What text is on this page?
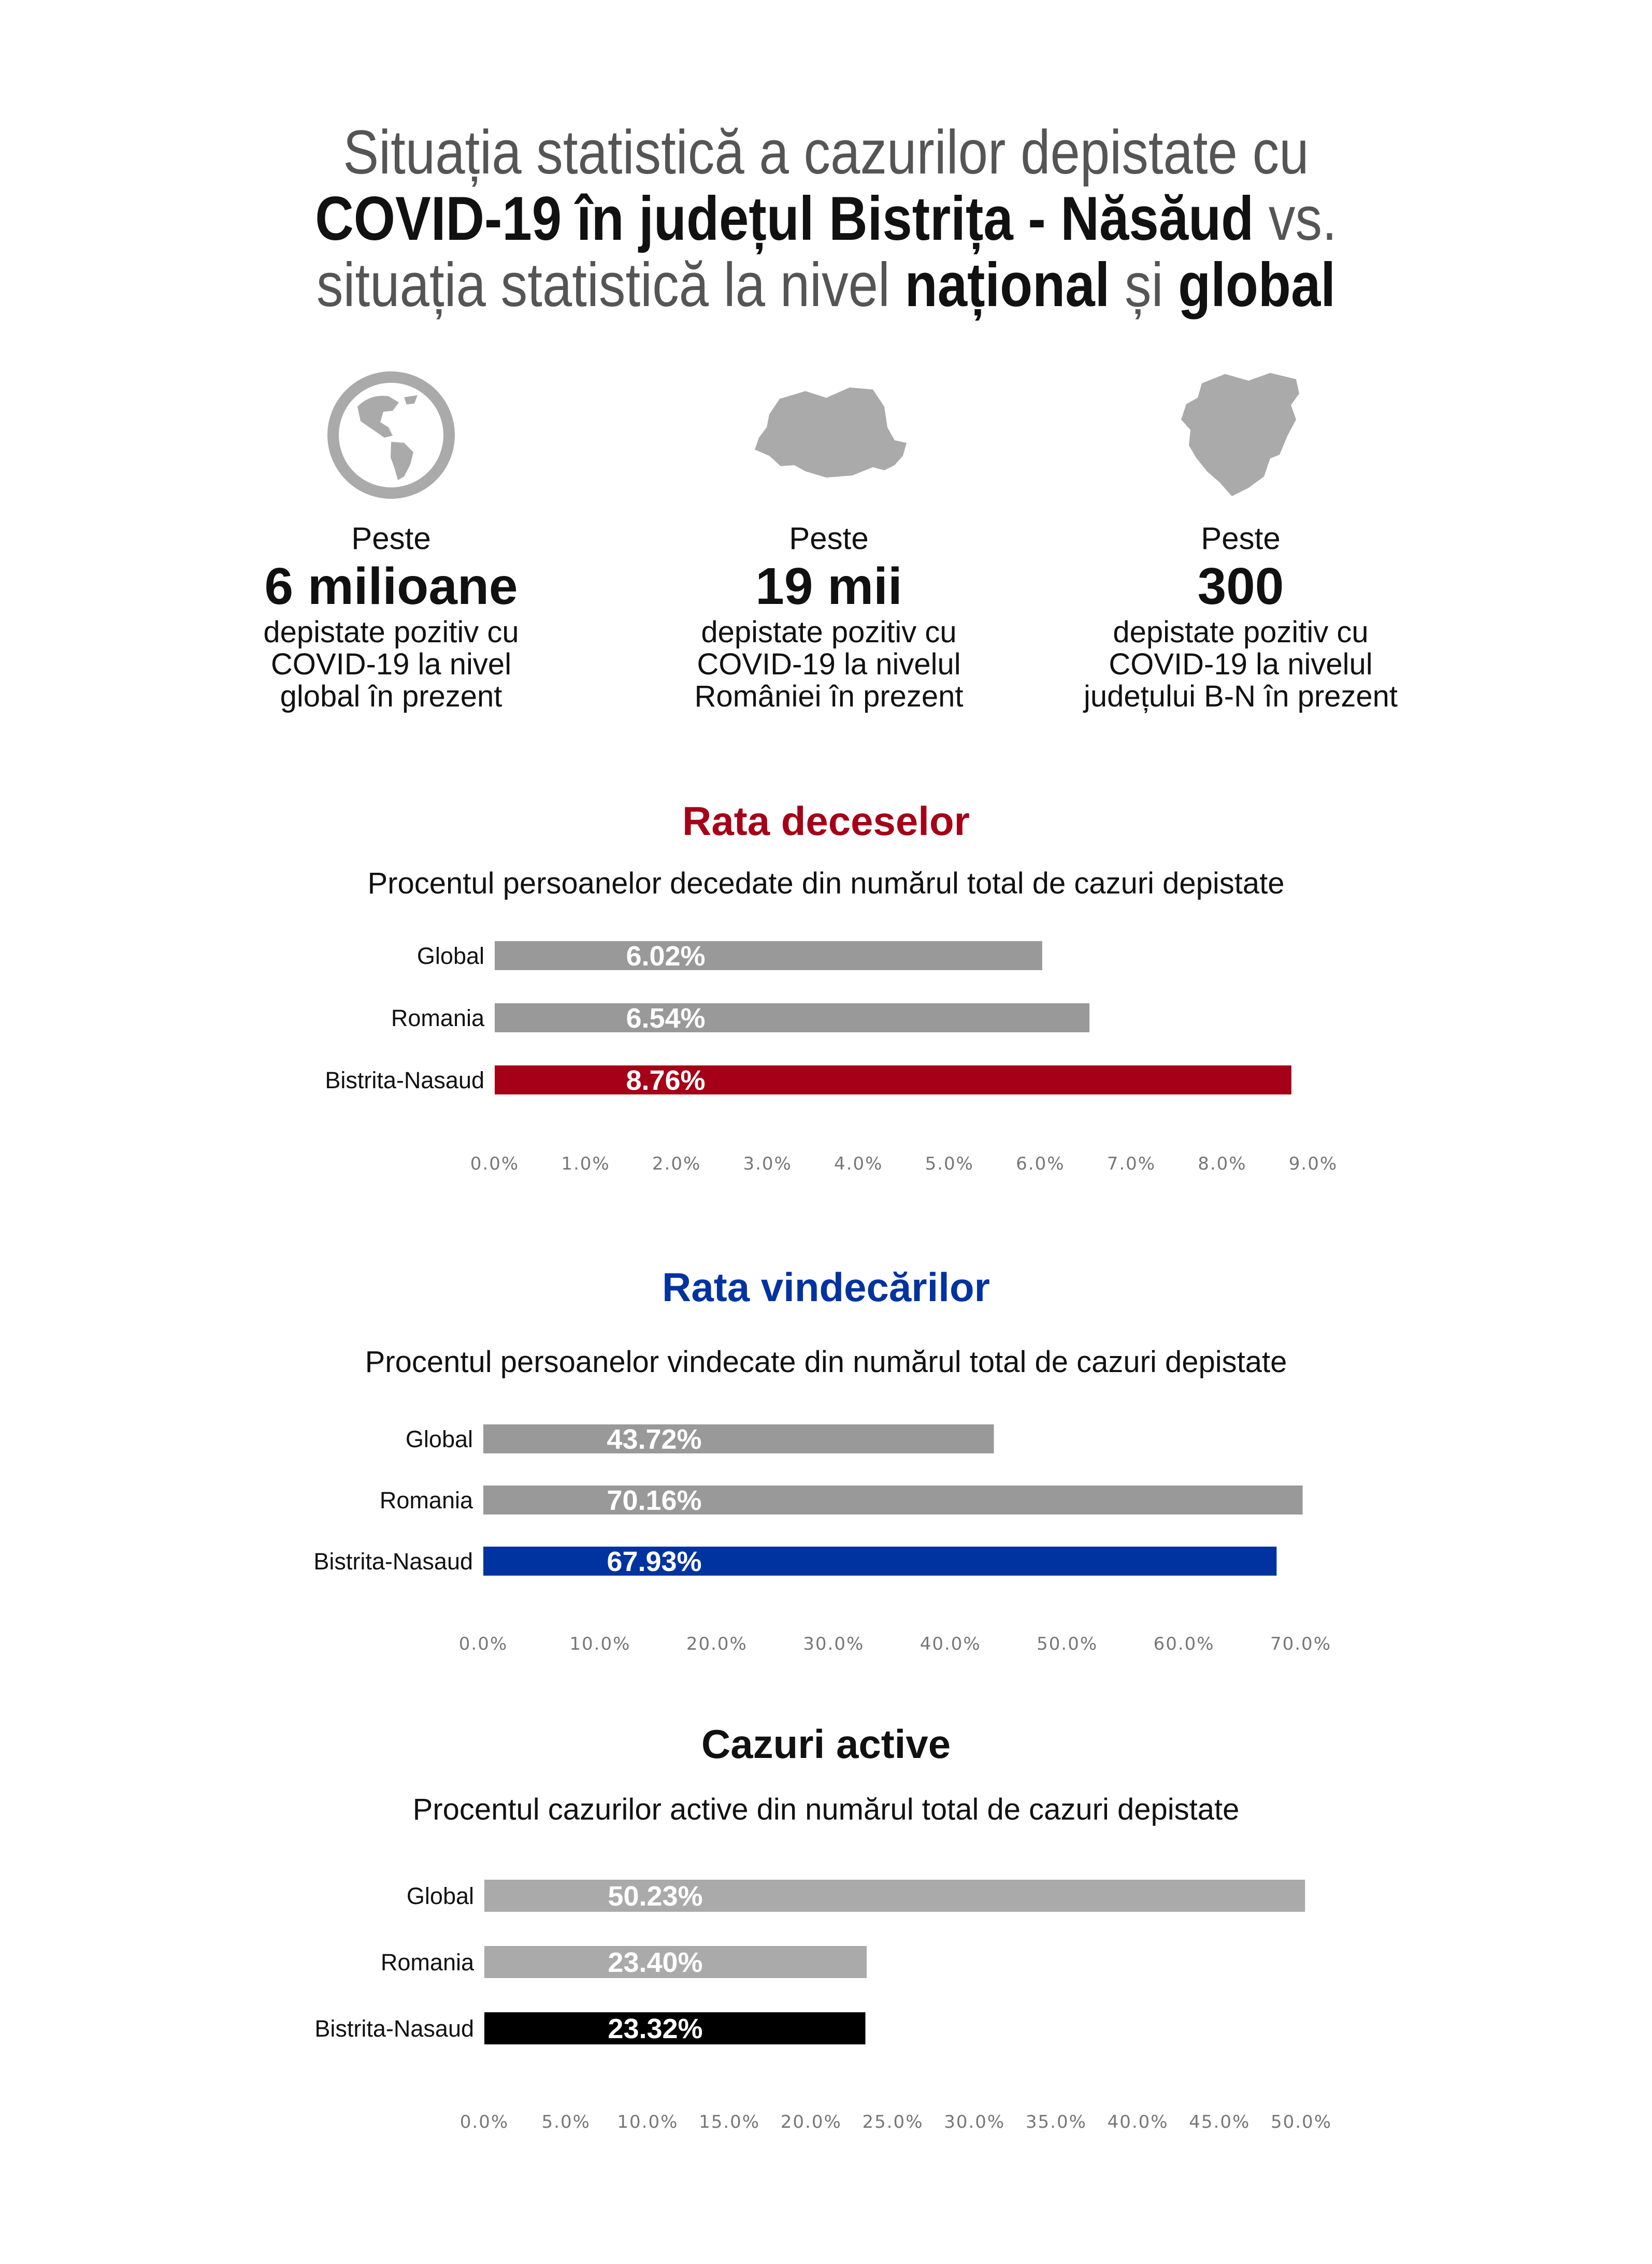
Situația statistică a cazurilor depistate cu COVID-19 în județul Bistrița - Năsăud vs. situația statistică la nivel național și global
Peste
6 milioane
depistate pozitiv cu
COVID-19 la nivel
global în prezent
Peste
19 mii
depistate pozitiv cu
COVID-19 la nivelul
României în prezent
Peste
300
depistate pozitiv cu
COVID-19 la nivelul
județului B-N în prezent
Rata deceselor
Procentul persoanelor decedate din numărul total de cazuri depistate
Global	6.02%
Romania	6.54%
Bistrita-Nasaud	8.76%
0.0% 1.0% 2.0% 3.0% 4.0% 5.0% 6.0% 7.0% 8.0% 9.0%
Rata vindecărilor
Procentul persoanelor vindecate din numărul total de cazuri depistate
Global	43.72%
Romania	70.16%
Bistrita-Nasaud	67.93%
0.0%	10.0%	20.0%	30.0%	40.0%	50.0%	60.0%	70.0%
Cazuri active
Procentul cazurilor active din numărul total de cazuri depistate
Global	50.23%
Romania	23.40%
Bistrita-Nasaud	23.32%
0.0% 5.0% 10.0% 15.0% 20.0% 25.0% 30.0% 35.0% 40.0% 45.0% 50.0%
